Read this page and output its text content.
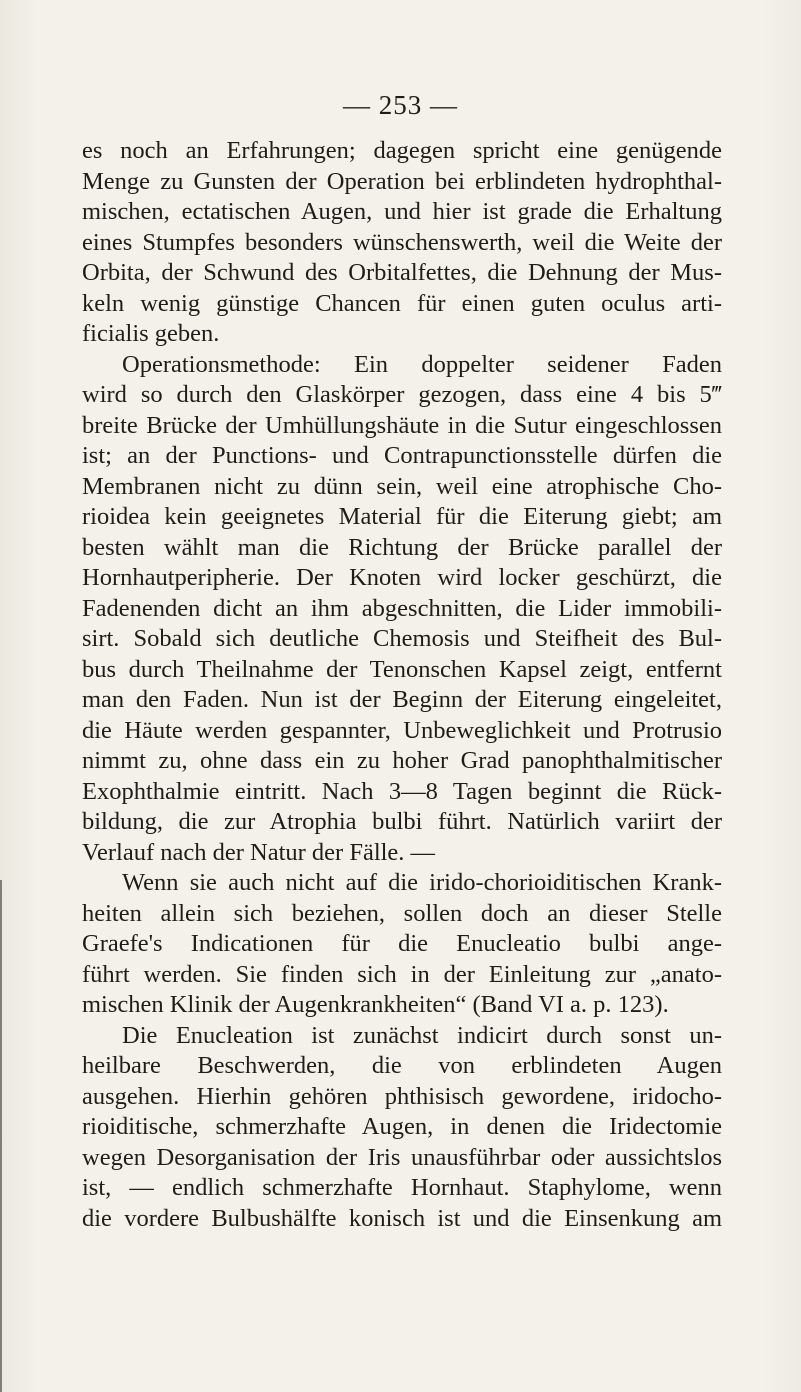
— 253 —
es noch an Erfahrungen; dagegen spricht eine genügende
Menge zu Gunsten der Operation bei erblindeten hydrophthal-
mischen, ectatischen Augen, und hier ist grade die Erhaltung
eines Stumpfes besonders wünschenswerth, weil die Weite der
Orbita, der Schwund des Orbitalfettes, die Dehnung der Mus-
keln wenig günstige Chancen für einen guten oculus arti-
ficialis geben.
Operationsmethode: Ein doppelter seidener Faden
wird so durch den Glaskörper gezogen, dass eine 4 bis 5‴
breite Brücke der Umhüllungshäute in die Sutur eingeschlossen
ist; an der Punctions- und Contrapunctionsstelle dürfen die
Membranen nicht zu dünn sein, weil eine atrophische Cho-
rioidea kein geeignetes Material für die Eiterung giebt; am
besten wählt man die Richtung der Brücke parallel der
Hornhautperipherie. Der Knoten wird locker geschürzt, die
Fadenenden dicht an ihm abgeschnitten, die Lider immobili-
sirt. Sobald sich deutliche Chemosis und Steifheit des Bul-
bus durch Theilnahme der Tenonschen Kapsel zeigt, entfernt
man den Faden. Nun ist der Beginn der Eiterung eingeleitet,
die Häute werden gespannter, Unbeweglichkeit und Protrusio
nimmt zu, ohne dass ein zu hoher Grad panophthalmitischer
Exophthalmie eintritt. Nach 3—8 Tagen beginnt die Rück-
bildung, die zur Atrophia bulbi führt. Natürlich variirt der
Verlauf nach der Natur der Fälle. —
Wenn sie auch nicht auf die irido-chorioiditischen Krank-
heiten allein sich beziehen, sollen doch an dieser Stelle
Graefe's Indicationen für die Enucleatio bulbi ange-
führt werden. Sie finden sich in der Einleitung zur „anato-
mischen Klinik der Augenkrankheiten“ (Band VI a. p. 123).
Die Enucleation ist zunächst indicirt durch sonst un-
heilbare Beschwerden, die von erblindeten Augen
ausgehen. Hierhin gehören phthisisch gewordene, iridocho-
rioiditische, schmerzhafte Augen, in denen die Iridectomie
wegen Desorganisation der Iris unausführbar oder aussichtslos
ist, — endlich schmerzhafte Hornhaut. Staphylome, wenn
die vordere Bulbushälfte konisch ist und die Einsenkung am
